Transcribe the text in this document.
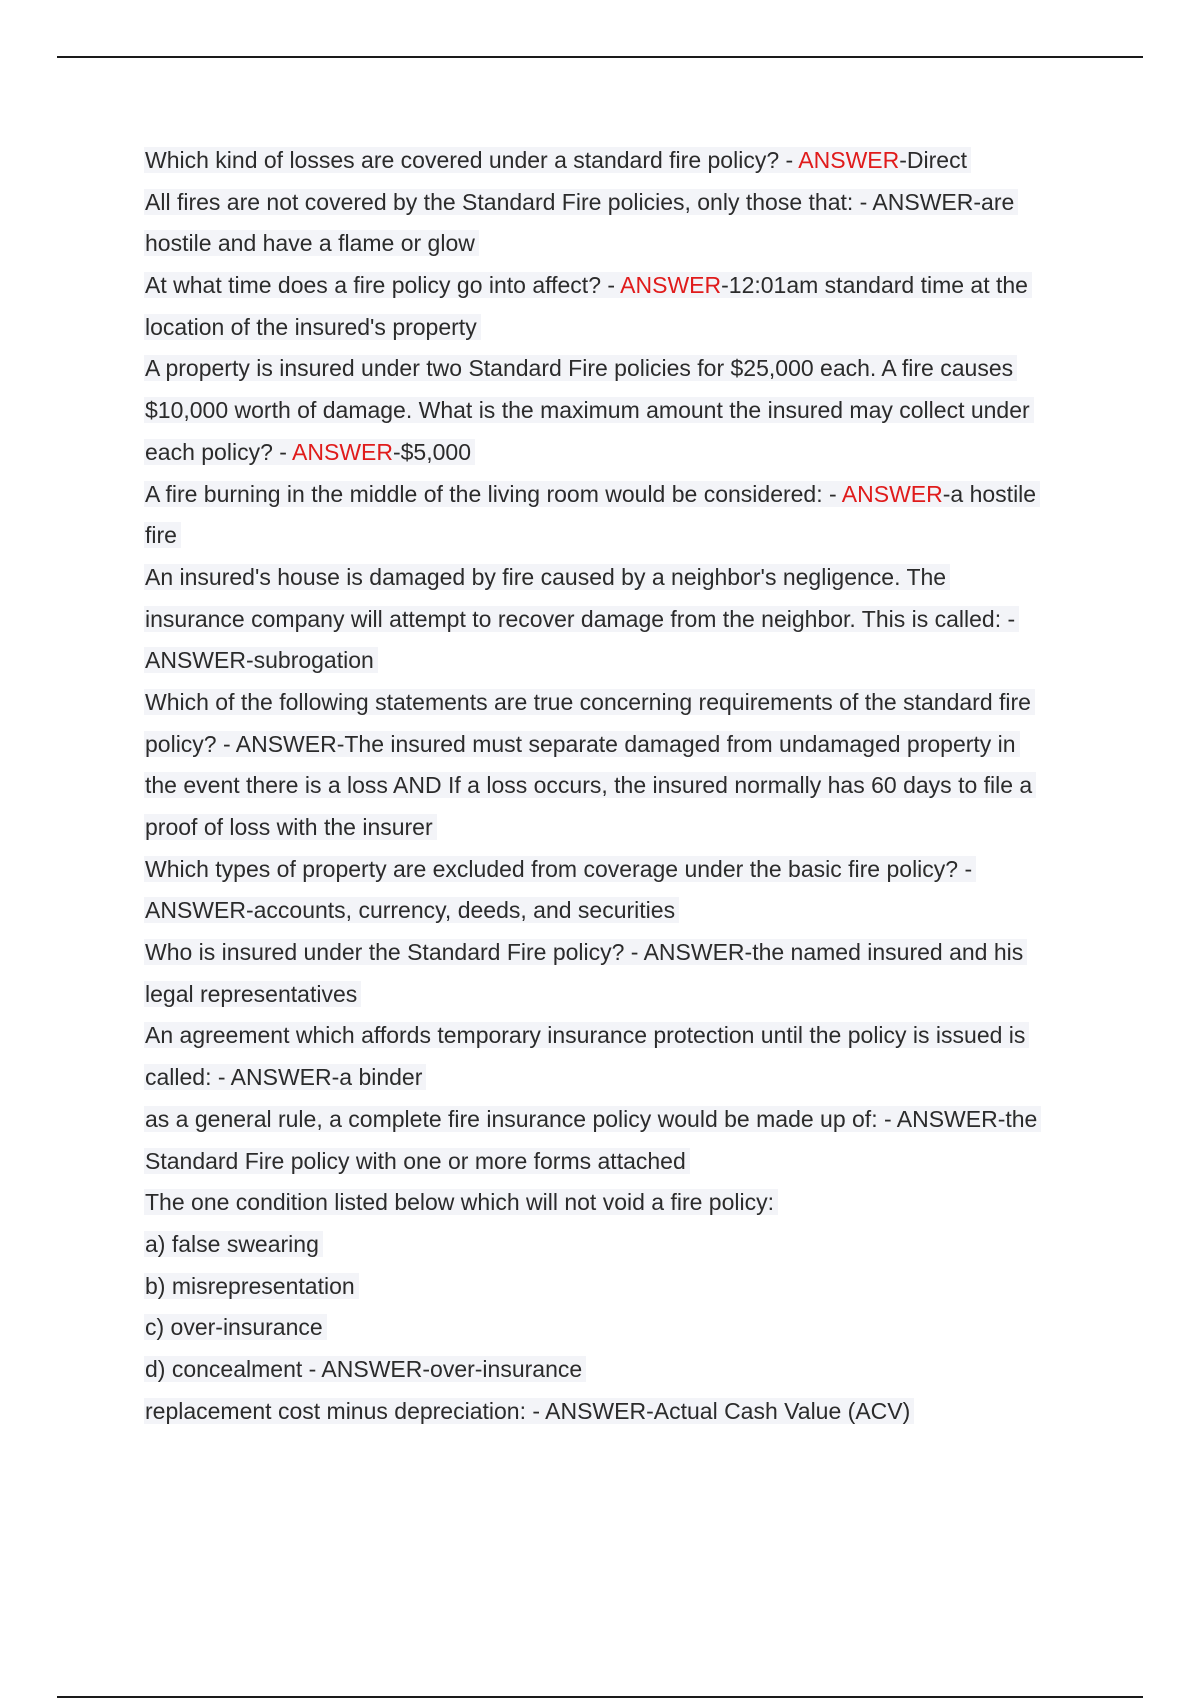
Which kind of losses are covered under a standard fire policy? - ANSWER-Direct
All fires are not covered by the Standard Fire policies, only those that: - ANSWER-are
hostile and have a flame or glow
At what time does a fire policy go into affect? - ANSWER-12:01am standard time at the
location of the insured's property
A property is insured under two Standard Fire policies for $25,000 each. A fire causes
$10,000 worth of damage. What is the maximum amount the insured may collect under
each policy? - ANSWER-$5,000
A fire burning in the middle of the living room would be considered: - ANSWER-a hostile
fire
An insured's house is damaged by fire caused by a neighbor's negligence. The
insurance company will attempt to recover damage from the neighbor. This is called: -
ANSWER-subrogation
Which of the following statements are true concerning requirements of the standard fire
policy? - ANSWER-The insured must separate damaged from undamaged property in
the event there is a loss AND If a loss occurs, the insured normally has 60 days to file a
proof of loss with the insurer
Which types of property are excluded from coverage under the basic fire policy? -
ANSWER-accounts, currency, deeds, and securities
Who is insured under the Standard Fire policy? - ANSWER-the named insured and his
legal representatives
An agreement which affords temporary insurance protection until the policy is issued is
called: - ANSWER-a binder
as a general rule, a complete fire insurance policy would be made up of: - ANSWER-the
Standard Fire policy with one or more forms attached
The one condition listed below which will not void a fire policy:
a) false swearing
b) misrepresentation
c) over-insurance
d) concealment - ANSWER-over-insurance
replacement cost minus depreciation: - ANSWER-Actual Cash Value (ACV)
